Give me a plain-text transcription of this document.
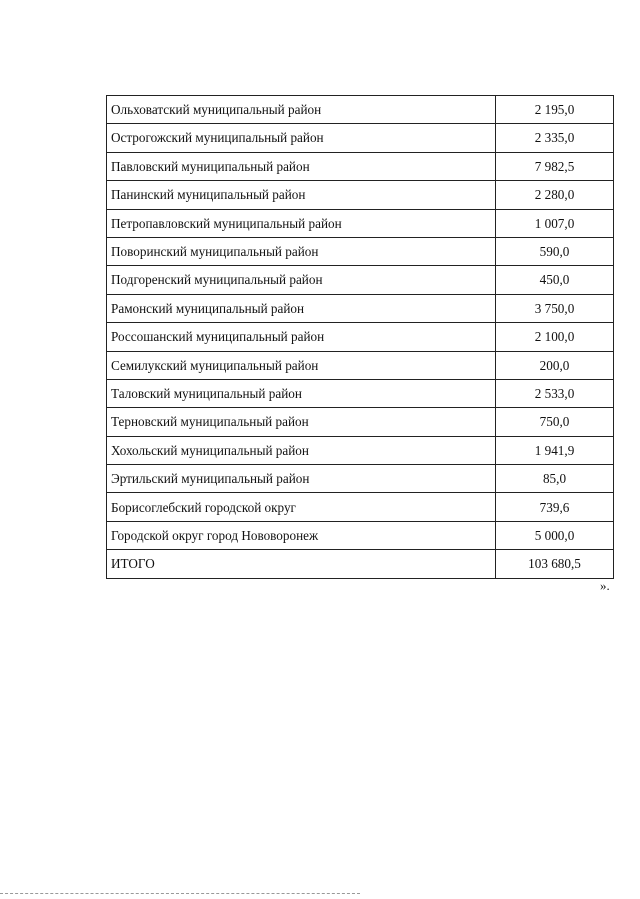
Ольховатский муниципальный район	2 195,0
Острогожский муниципальный район	2 335,0
Павловский муниципальный район	7 982,5
Панинский муниципальный район	2 280,0
Петропавловский муниципальный район	1 007,0
Поворинский муниципальный район	590,0
Подгоренский муниципальный район	450,0
Рамонский муниципальный район	3 750,0
Россошанский муниципальный район	2 100,0
Семилукский муниципальный район	200,0
Таловский муниципальный район	2 533,0
Терновский муниципальный район	750,0
Хохольский муниципальный район	1 941,9
Эртильский муниципальный район	85,0
Борисоглебский городской округ	739,6
Городской округ город Нововоронеж	5 000,0
ИТОГО	103 680,5
».
